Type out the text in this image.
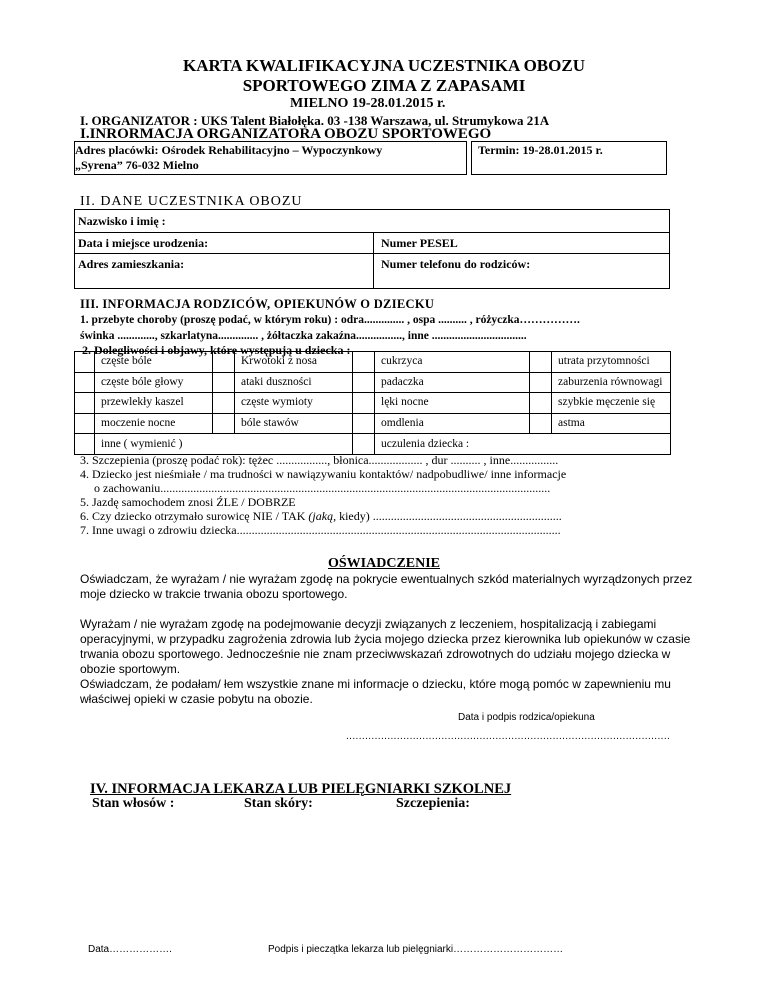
KARTA KWALIFIKACYJNA UCZESTNIKA OBOZU
SPORTOWEGO ZIMA Z ZAPASAMI
MIELNO 19-28.01.2015 r.
I. ORGANIZATOR : UKS Talent Białołęka. 03 -138 Warszawa, ul. Strumykowa 21A
I.INRORMACJA ORGANIZATORA OBOZU SPORTOWEGO
Adres placówki: Ośrodek Rehabilitacyjno – Wypoczynkowy
„Syrena” 76-032 Mielno
Termin: 19-28.01.2015 r.
II. DANE UCZESTNIKA OBOZU
Nazwisko i imię :
Data i miejsce urodzenia:	Numer PESEL
Adres zamieszkania:	Numer telefonu do rodziców:
III. INFORMACJA RODZICÓW, OPIEKUNÓW O DZIECKU
1. przebyte choroby (proszę podać, w którym roku) : odra.............. , ospa .......... , różyczka…………….
świnka ............., szkarlatyna.............. , żółtaczka zakaźna................, inne .................................
2. Dolegliwości i objawy, które występują u dziecka :
	częste bóle		Krwotoki z nosa		cukrzyca		utrata przytomności
	częste bóle głowy		ataki duszności		padaczka		zaburzenia równowagi
	przewlekły kaszel		częste wymioty		lęki nocne		szybkie męczenie się
	moczenie nocne		bóle stawów		omdlenia		astma
	inne ( wymienić )				uczulenia dziecka :		
3. Szczepienia (proszę podać rok): tężec ................., błonica.................. , dur .......... , inne................
4. Dziecko jest nieśmiałe / ma trudności w nawiązywaniu kontaktów/ nadpobudliwe/ inne informacje
o zachowaniu..................................................................................................................................
5. Jazdę samochodem znosi ŹLE / DOBRZE
6. Czy dziecko otrzymało surowicę NIE / TAK (jaką, kiedy) ...............................................................
7. Inne uwagi o zdrowiu dziecka............................................................................................................
OŚWIADCZENIE
Oświadczam, że wyrażam / nie wyrażam zgodę na pokrycie ewentualnych szkód materialnych wyrządzonych przez moje dziecko w trakcie trwania obozu sportowego.
Wyrażam / nie wyrażam zgodę na podejmowanie decyzji związanych z leczeniem, hospitalizacją i zabiegami operacyjnymi, w przypadku zagrożenia zdrowia lub życia mojego dziecka przez kierownika lub opiekunów w czasie trwania obozu sportowego. Jednocześnie nie znam przeciwwskazań zdrowotnych do udziału mojego dziecka w obozie sportowym.
Oświadczam, że podałam/ łem wszystkie znane mi informacje o dziecku, które mogą pomóc w zapewnieniu mu właściwej opieki w czasie pobytu na obozie.
Data i podpis rodzica/opiekuna
......................................................................................................
IV. INFORMACJA LEKARZA LUB PIELĘGNIARKI SZKOLNEJ
Stan włosów :	Stan skóry:	Szczepienia:
Data……………….	Podpis i pieczątka lekarza lub pielęgniarki……………………………
